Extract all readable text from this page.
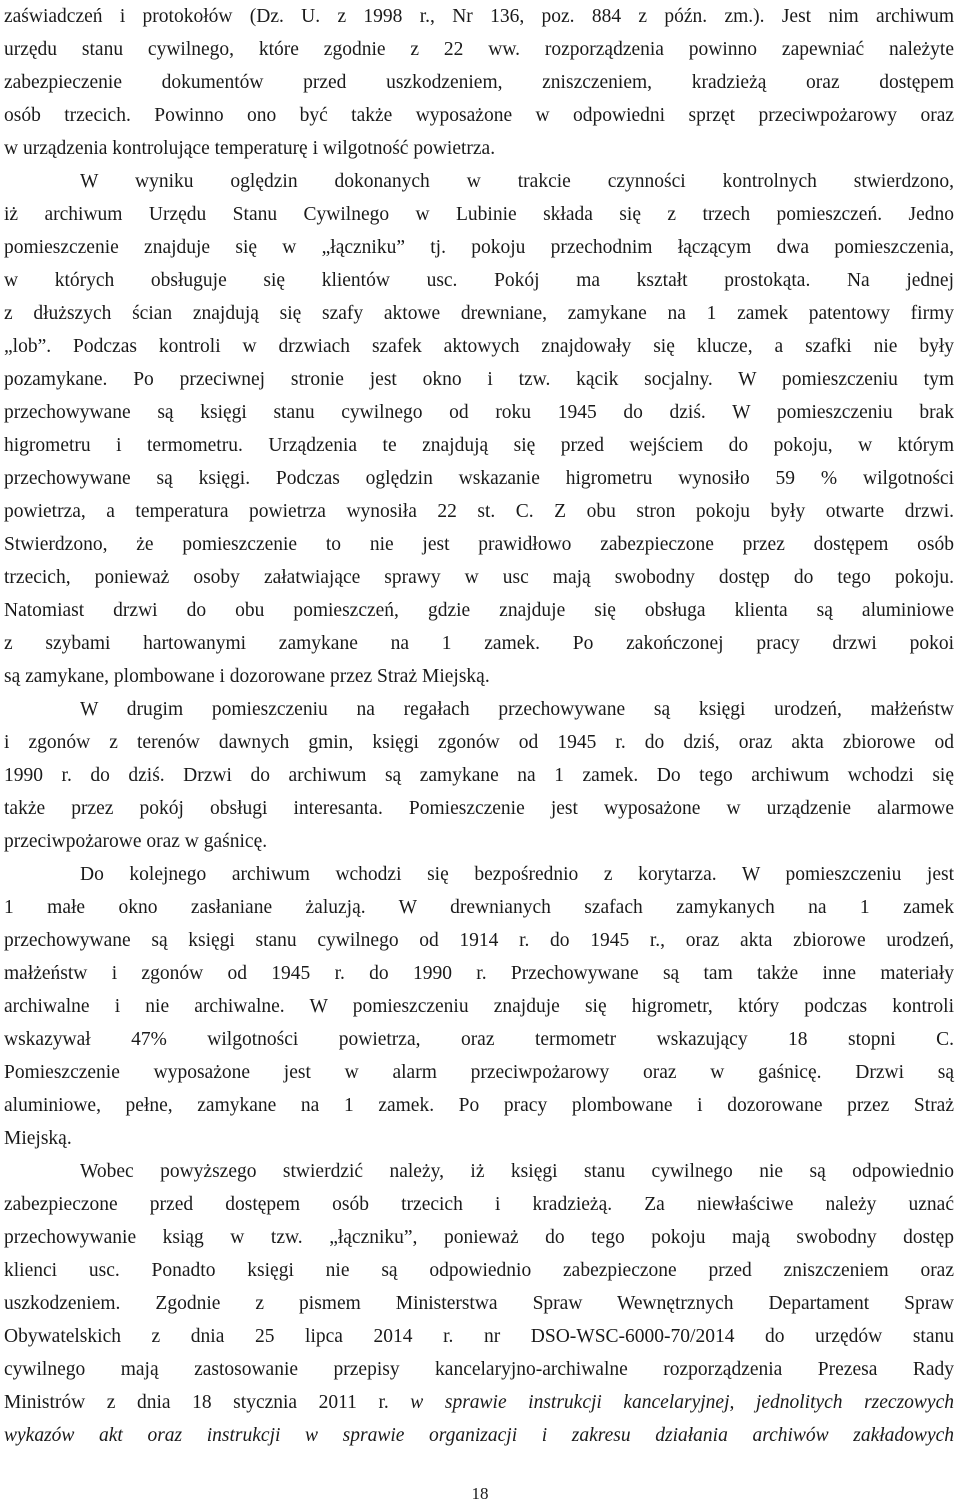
zaświadczeń i protokołów (Dz. U. z 1998 r., Nr 136, poz. 884 z późn. zm.). Jest nim archiwum
urzędu stanu cywilnego, które zgodnie z 22 ww. rozporządzenia powinno zapewniać należyte
zabezpieczenie dokumentów przed uszkodzeniem, zniszczeniem, kradzieżą oraz dostępem
osób trzecich. Powinno ono być także wyposażone w odpowiedni sprzęt przeciwpożarowy oraz
w urządzenia kontrolujące temperaturę i wilgotność powietrza.
W wyniku oględzin dokonanych w trakcie czynności kontrolnych stwierdzono,
iż archiwum Urzędu Stanu Cywilnego w Lubinie składa się z trzech pomieszczeń. Jedno
pomieszczenie znajduje się w „łączniku” tj. pokoju przechodnim łączącym dwa pomieszczenia,
w których obsługuje się klientów usc. Pokój ma kształt prostokąta. Na jednej
z dłuższych ścian znajdują się szafy aktowe drewniane, zamykane na 1 zamek patentowy firmy
„lob”. Podczas kontroli w drzwiach szafek aktowych znajdowały się klucze, a szafki nie były
pozamykane. Po przeciwnej stronie jest okno i tzw. kącik socjalny. W pomieszczeniu tym
przechowywane są księgi stanu cywilnego od roku 1945 do dziś. W pomieszczeniu brak
higrometru i termometru. Urządzenia te znajdują się przed wejściem do pokoju, w którym
przechowywane są księgi. Podczas oględzin wskazanie higrometru wynosiło 59 % wilgotności
powietrza, a temperatura powietrza wynosiła 22 st. C. Z obu stron pokoju były otwarte drzwi.
Stwierdzono, że pomieszczenie to nie jest prawidłowo zabezpieczone przez dostępem osób
trzecich, ponieważ osoby załatwiające sprawy w usc mają swobodny dostęp do tego pokoju.
Natomiast drzwi do obu pomieszczeń, gdzie znajduje się obsługa klienta są aluminiowe
z szybami hartowanymi zamykane na 1 zamek. Po zakończonej pracy drzwi pokoi
są zamykane, plombowane i dozorowane przez Straż Miejską.
W drugim pomieszczeniu na regałach przechowywane są księgi urodzeń, małżeństw
i zgonów z terenów dawnych gmin, księgi zgonów od 1945 r. do dziś, oraz akta zbiorowe od
1990 r. do dziś. Drzwi do archiwum są zamykane na 1 zamek. Do tego archiwum wchodzi się
także przez pokój obsługi interesanta. Pomieszczenie jest wyposażone w urządzenie alarmowe
przeciwpożarowe oraz w gaśnicę.
Do kolejnego archiwum wchodzi się bezpośrednio z korytarza. W pomieszczeniu jest
1 małe okno zasłaniane żaluzją. W drewnianych szafach zamykanych na 1 zamek
przechowywane są księgi stanu cywilnego od 1914 r. do 1945 r., oraz akta zbiorowe urodzeń,
małżeństw i zgonów od 1945 r. do 1990 r. Przechowywane są tam także inne materiały
archiwalne i nie archiwalne. W pomieszczeniu znajduje się higrometr, który podczas kontroli
wskazywał 47% wilgotności powietrza, oraz termometr wskazujący 18 stopni C.
Pomieszczenie wyposażone jest w alarm przeciwpożarowy oraz w gaśnicę. Drzwi są
aluminiowe, pełne, zamykane na 1 zamek. Po pracy plombowane i dozorowane przez Straż
Miejską.
Wobec powyższego stwierdzić należy, iż księgi stanu cywilnego nie są odpowiednio
zabezpieczone przed dostępem osób trzecich i kradzieżą. Za niewłaściwe należy uznać
przechowywanie ksiąg w tzw. „łączniku”, ponieważ do tego pokoju mają swobodny dostęp
klienci usc. Ponadto księgi nie są odpowiednio zabezpieczone przed zniszczeniem oraz
uszkodzeniem. Zgodnie z pismem Ministerstwa Spraw Wewnętrznych Departament Spraw
Obywatelskich z dnia 25 lipca 2014 r. nr DSO-WSC-6000-70/2014 do urzędów stanu
cywilnego mają zastosowanie przepisy kancelaryjno-archiwalne rozporządzenia Prezesa Rady
Ministrów z dnia 18 stycznia 2011 r. w sprawie instrukcji kancelaryjnej, jednolitych rzeczowych
wykazów akt oraz instrukcji w sprawie organizacji i zakresu działania archiwów zakładowych
18
